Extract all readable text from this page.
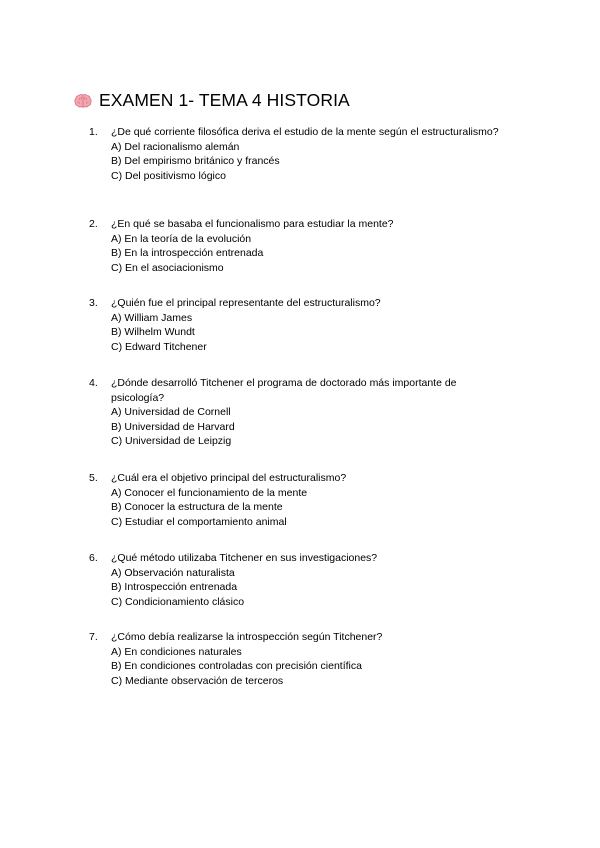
EXAMEN 1- TEMA 4 HISTORIA
1.	¿De qué corriente filosófica deriva el estudio de la mente según el estructuralismo?
A) Del racionalismo alemán
B) Del empirismo británico y francés
C) Del positivismo lógico
2.	¿En qué se basaba el funcionalismo para estudiar la mente?
A) En la teoría de la evolución
B) En la introspección entrenada
C) En el asociacionismo
3.	¿Quién fue el principal representante del estructuralismo?
A) William James
B) Wilhelm Wundt
C) Edward Titchener
4.	¿Dónde desarrolló Titchener el programa de doctorado más importante de psicología?
A) Universidad de Cornell
B) Universidad de Harvard
C) Universidad de Leipzig
5.	¿Cuál era el objetivo principal del estructuralismo?
A) Conocer el funcionamiento de la mente
B) Conocer la estructura de la mente
C) Estudiar el comportamiento animal
6.	¿Qué método utilizaba Titchener en sus investigaciones?
A) Observación naturalista
B) Introspección entrenada
C) Condicionamiento clásico
7.	¿Cómo debía realizarse la introspección según Titchener?
A) En condiciones naturales
B) En condiciones controladas con precisión científica
C) Mediante observación de terceros
